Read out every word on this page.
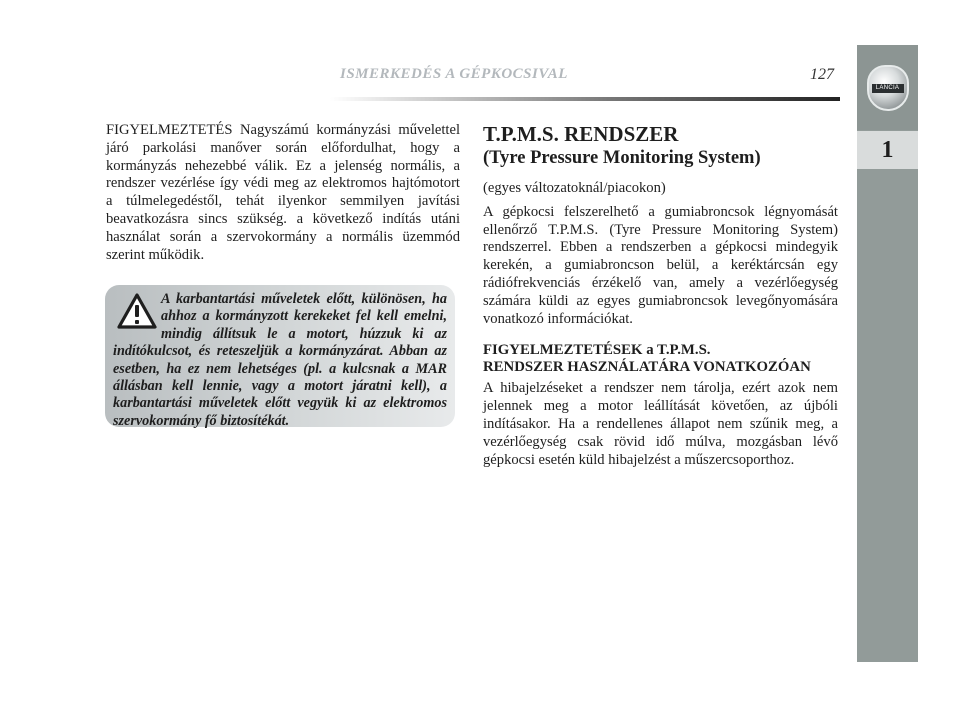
ISMERKEDÉS A GÉPKOCSIVAL	127
LANCIA
1

FIGYELMEZTETÉS Nagyszámú kormányzási művelettel járó parkolási manőver során előfordulhat, hogy a kormányzás nehezebbé válik. Ez a jelenség normális, a rendszer vezérlése így védi meg az elektromos hajtómotort a túlmelegedéstől, tehát ilyenkor semmilyen javítási beavatkozásra sincs szükség. a következő indítás utáni használat során a szervokormány a normális üzemmód szerint működik.

A karbantartási műveletek előtt, különösen, ha ahhoz a kormányzott kerekeket fel kell emelni, mindig állítsuk le a motort, húzzuk ki az indítókulcsot, és reteszeljük a kormányzárat. Abban az esetben, ha ez nem lehetséges (pl. a kulcsnak a MAR állásban kell lennie, vagy a motort járatni kell), a karbantartási műveletek előtt vegyük ki az elektromos szervokormány fő biztosítékát.

T.P.M.S. RENDSZER
(Tyre Pressure Monitoring System)

(egyes változatoknál/piacokon)

A gépkocsi felszerelhető a gumiabroncsok légnyomását ellenőrző T.P.M.S. (Tyre Pressure Monitoring System) rendszerrel. Ebben a rendszerben a gépkocsi mindegyik kerekén, a gumiabroncson belül, a keréktárcsán egy rádiófrekvenciás érzékelő van, amely a vezérlőegység számára küldi az egyes gumiabroncsok levegőnyomására vonatkozó információkat.

FIGYELMEZTETÉSEK a T.P.M.S.
RENDSZER HASZNÁLATÁRA VONATKOZÓAN

A hibajelzéseket a rendszer nem tárolja, ezért azok nem jelennek meg a motor leállítását követően, az újbóli indításakor. Ha a rendellenes állapot nem szűnik meg, a vezérlőegység csak rövid idő múlva, mozgásban lévő gépkocsi esetén küld hibajelzést a műszercsoporthoz.
